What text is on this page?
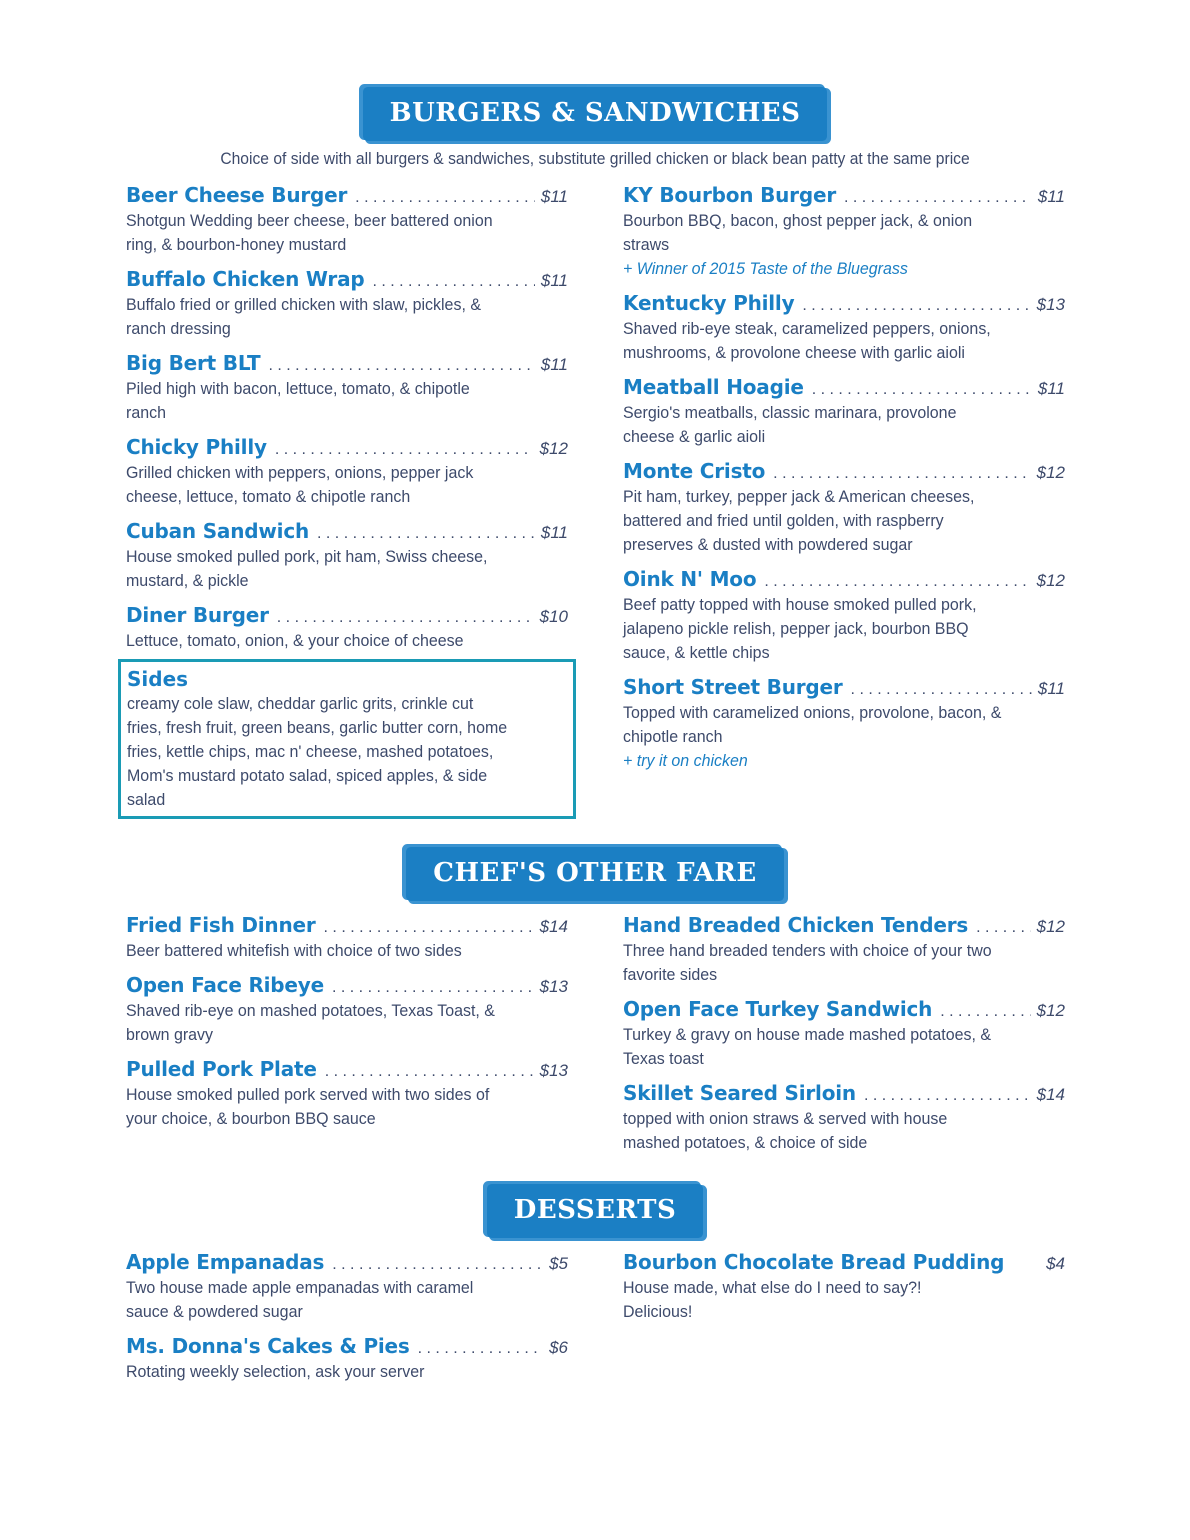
BURGERS & SANDWICHES
Choice of side with all burgers & sandwiches, substitute grilled chicken or black bean patty at the same price
Beer Cheese Burger . . .	$11
Shotgun Wedding beer cheese, beer battered onion ring, & bourbon-honey mustard
Buffalo Chicken Wrap . . .	$11
Buffalo fried or grilled chicken with slaw, pickles, & ranch dressing
Big Bert BLT . . .	$11
Piled high with bacon, lettuce, tomato, & chipotle ranch
Chicky Philly . . .	$12
Grilled chicken with peppers, onions, pepper jack cheese, lettuce, tomato & chipotle ranch
Cuban Sandwich . . .	$11
House smoked pulled pork, pit ham, Swiss cheese, mustard, & pickle
Diner Burger . . .	$10
Lettuce, tomato, onion, & your choice of cheese
Sides
creamy cole slaw, cheddar garlic grits, crinkle cut fries, fresh fruit, green beans, garlic butter corn, home fries, kettle chips, mac n' cheese, mashed potatoes, Mom's mustard potato salad, spiced apples, & side salad
KY Bourbon Burger . . .	$11
Bourbon BBQ, bacon, ghost pepper jack, & onion straws
+ Winner of 2015 Taste of the Bluegrass
Kentucky Philly . . .	$13
Shaved rib-eye steak, caramelized peppers, onions, mushrooms, & provolone cheese with garlic aioli
Meatball Hoagie . . .	$11
Sergio's meatballs, classic marinara, provolone cheese & garlic aioli
Monte Cristo . . .	$12
Pit ham, turkey, pepper jack & American cheeses, battered and fried until golden, with raspberry preserves & dusted with powdered sugar
Oink N' Moo . . .	$12
Beef patty topped with house smoked pulled pork, jalapeno pickle relish, pepper jack, bourbon BBQ sauce, & kettle chips
Short Street Burger . . .	$11
Topped with caramelized onions, provolone, bacon, & chipotle ranch
+ try it on chicken
CHEF'S OTHER FARE
Fried Fish Dinner . . .	$14
Beer battered whitefish with choice of two sides
Open Face Ribeye . . .	$13
Shaved rib-eye on mashed potatoes, Texas Toast, & brown gravy
Pulled Pork Plate . . .	$13
House smoked pulled pork served with two sides of your choice, & bourbon BBQ sauce
Hand Breaded Chicken Tenders . . .	$12
Three hand breaded tenders with choice of your two favorite sides
Open Face Turkey Sandwich . . .	$12
Turkey & gravy on house made mashed potatoes, & Texas toast
Skillet Seared Sirloin . . .	$14
topped with onion straws & served with house mashed potatoes, & choice of side
DESSERTS
Apple Empanadas . . .	$5
Two house made apple empanadas with caramel sauce & powdered sugar
Ms. Donna's Cakes & Pies . . .	$6
Rotating weekly selection, ask your server
Bourbon Chocolate Bread Pudding $4
House made, what else do I need to say?! Delicious!
